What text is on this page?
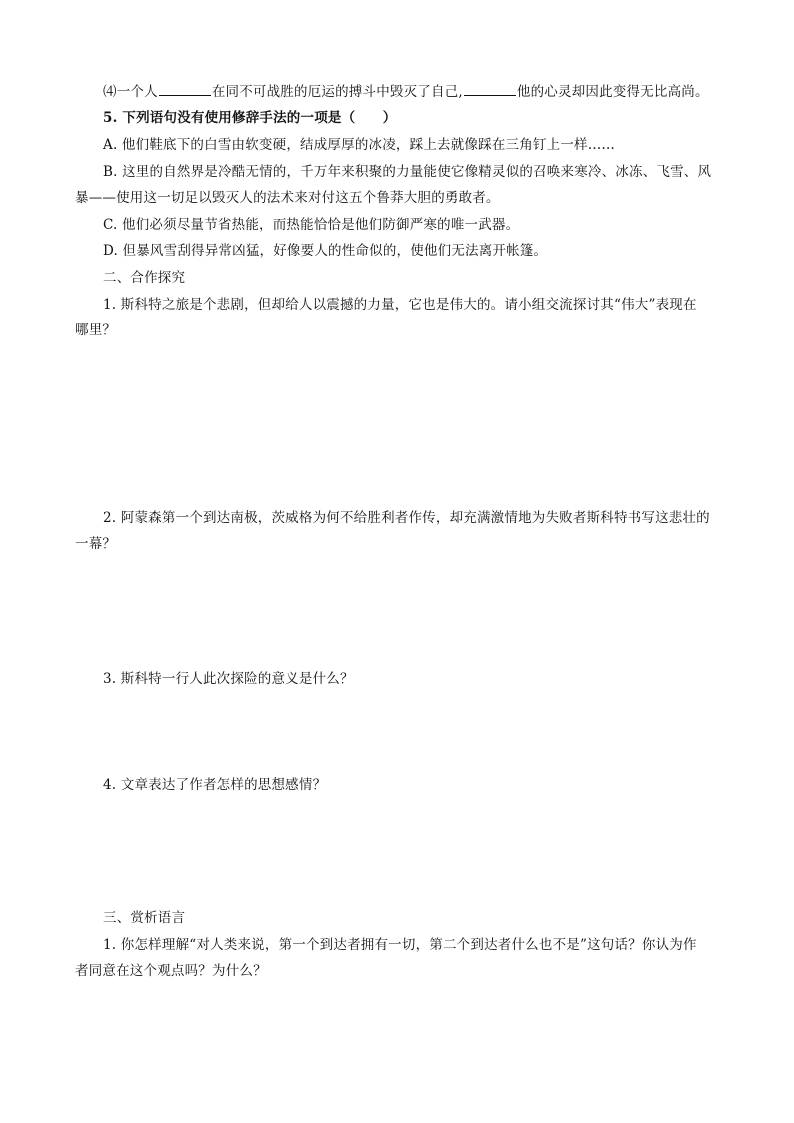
⑷一个人	在同不可战胜的厄运的搏斗中毁灭了自己,	他的心灵却因此变得无比高尚。
5. 下列语句没有使用修辞手法的一项是（　　）
A. 他们鞋底下的白雪由软变硬，结成厚厚的冰凌，踩上去就像踩在三角钉上一样……
B. 这里的自然界是冷酷无情的，千万年来积聚的力量能使它像精灵似的召唤来寒冷、冰冻、飞雪、风
暴——使用这一切足以毁灭人的法术来对付这五个鲁莽大胆的勇敢者。
C. 他们必须尽量节省热能，而热能恰恰是他们防御严寒的唯一武器。
D. 但暴风雪刮得异常凶猛，好像要人的性命似的，使他们无法离开帐篷。
二、合作探究
1. 斯科特之旅是个悲剧，但却给人以震撼的力量，它也是伟大的。请小组交流探讨其“伟大”表现在
哪里？
2. 阿蒙森第一个到达南极，茨威格为何不给胜利者作传，却充满激情地为失败者斯科特书写这悲壮的
一幕？
3. 斯科特一行人此次探险的意义是什么？
4. 文章表达了作者怎样的思想感情？
三、赏析语言
1. 你怎样理解“对人类来说，第一个到达者拥有一切，第二个到达者什么也不是”这句话？你认为作
者同意在这个观点吗？为什么？
